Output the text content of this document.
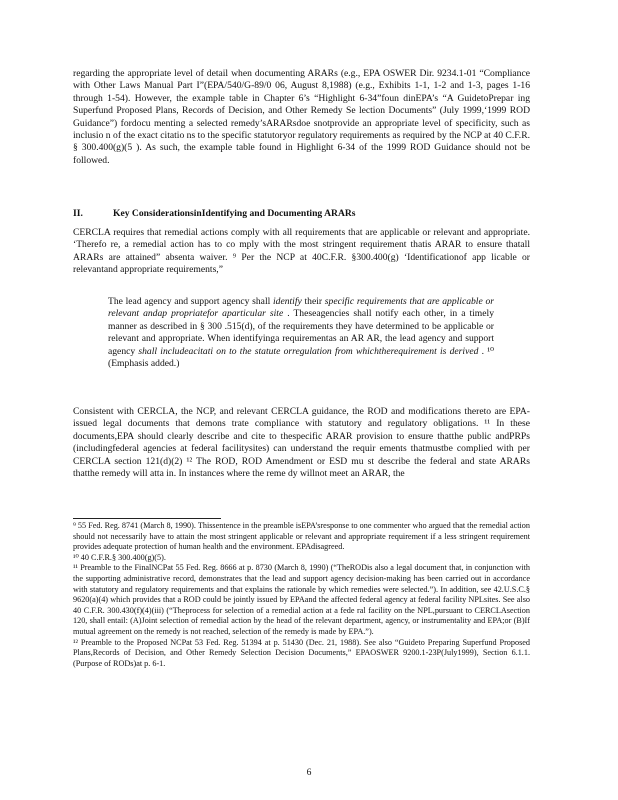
regarding the appropriate level of detail when documenting ARARs (e.g., EPA OSWER Dir. 9234.1-01 “Compliance with Other Laws Manual Part I”(EPA/540/G-89/0 06, August 8,1988) (e.g., Exhibits 1-1, 1-2 and 1-3, pages 1-16 through 1-54). However, the example table in Chapter 6’s “Highlight 6-34”foun dinEPA’s “A GuidetoPrepar ing Superfund Proposed Plans, Records of Decision, and Other Remedy Se lection Documents” (July 1999,‘1999 ROD Guidance”) fordocu menting a selected remedy’sARARsdoe snotprovide an appropriate level of specificity, such as inclusio n of the exact citatio ns to the specific statutoryor regulatory requirements as required by the NCP at 40 C.F.R. § 300.400(g)(5 ). As such, the example table found in Highlight 6-34 of the 1999 ROD Guidance should not be followed.

II.	Key ConsiderationsinIdentifying and Documenting ARARs

CERCLA requires that remedial actions comply with all requirements that are applicable or relevant and appropriate. ‘Therefo re, a remedial action has to co mply with the most stringent requirement thatis ARAR to ensure thatall ARARs are attained” absenta waiver. ⁹ Per the NCP at 40C.F.R. §300.400(g) ‘Identificationof app licable or relevantand appropriate requirements,”

The lead agency and support agency shall identify their specific requirements that are applicable or relevant andap propriatefor aparticular site . Theseagencies shall notify each other, in a timely manner as described in § 300 .515(d), of the requirements they have determined to be applicable or relevant and appropriate. When identifyinga requirementas an AR AR, the lead agency and support agency shall includeacitati on to the statute orregulation from whichtherequirement is derived . ¹⁰ (Emphasis added.)

Consistent with CERCLA, the NCP, and relevant CERCLA guidance, the ROD and modifications thereto are EPA-issued legal documents that demons trate compliance with statutory and regulatory obligations. ¹¹ In these documents,EPA should clearly describe and cite to thespecific ARAR provision to ensure thatthe public andPRPs (includingfederal agencies at federal facilitysites) can understand the requir ements thatmustbe complied with per CERCLA section 121(d)(2) ¹² The ROD, ROD Amendment or ESD mu st describe the federal and state ARARs thatthe remedy will atta in. In instances where the reme dy willnot meet an ARAR, the

⁹ 55 Fed. Reg. 8741 (March 8, 1990). Thissentence in the preamble isEPA’sresponse to one commenter who argued that the remedial action should not necessarily have to attain the most stringent applicable or relevant and appropriate requirement if a less stringent requirement provides adequate protection of human health and the environment. EPAdisagreed.

¹⁰ 40 C.F.R.§ 300.400(g)(5).

¹¹ Preamble to the FinalNCPat 55 Fed. Reg. 8666 at p. 8730 (March 8, 1990) (“TheRODis also a legal document that, in conjunction with the supporting administrative record, demonstrates that the lead and support agency decision-making has been carried out in accordance with statutory and regulatory requirements and that explains the rationale by which remedies were selected.”). In addition, see 42.U.S.C.§ 9620(a)(4) which provides that a ROD could be jointly issued by EPAand the affected federal agency at federal facility NPLsites. See also 40 C.F.R. 300.430(f)(4)(iii) (“Theprocess for selection of a remedial action at a fede ral facility on the NPL,pursuant to CERCLAsection 120, shall entail: (A)Joint selection of remedial action by the head of the relevant department, agency, or instrumentality and EPA;or (B)If mutual agreement on the remedy is not reached, selection of the remedy is made by EPA.”).

¹² Preamble to the Proposed NCPat 53 Fed. Reg. 51394 at p. 51430 (Dec. 21, 1988). See also “Guideto Preparing Superfund Proposed Plans,Records of Decision, and Other Remedy Selection Decision Documents,” EPAOSWER 9200.1-23P(July1999), Section 6.1.1.(Purpose of RODs)at p. 6-1.

6
